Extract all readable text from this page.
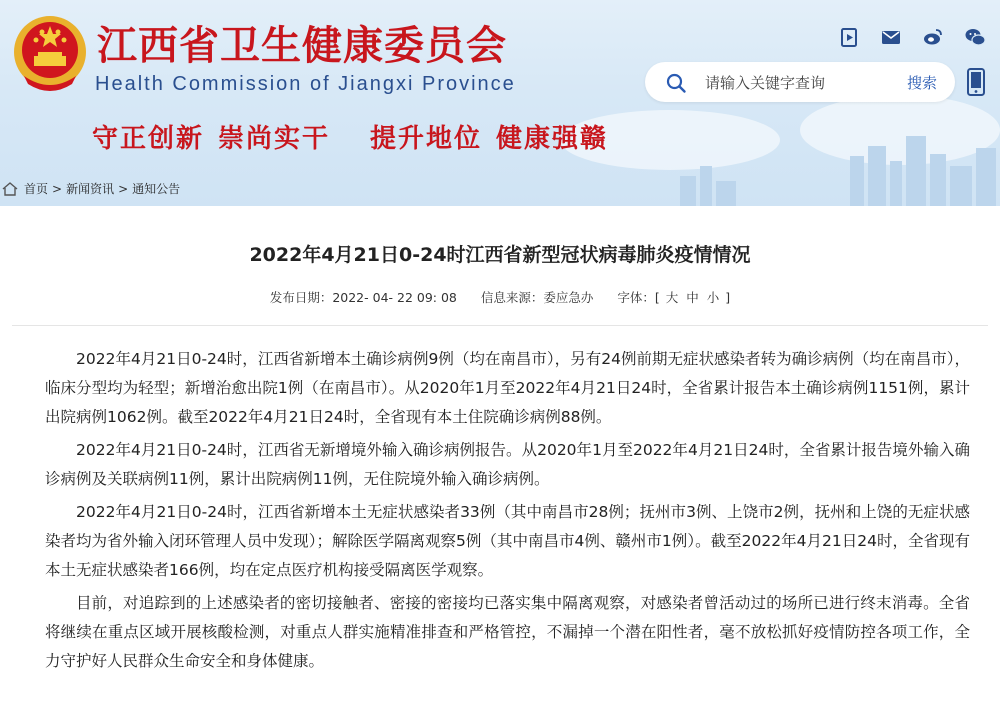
江西省卫生健康委员会
Health Commission of Jiangxi Province
守正创新 崇尚实干 提升地位 健康强赣
请输入关键字查询
搜索
首页 > 新闻资讯 > 通知公告
2022年4月21日0-24时江西省新型冠状病毒肺炎疫情情况
发布日期：2022- 04- 22 09: 08 信息来源：委应急办 字体：[ 大 中 小 ]

2022年4月21日0-24时，江西省新增本土确诊病例9例（均在南昌市），另有24例前期无症状感染者转为确诊病例（均在南昌市），临床分型均为轻型；新增治愈出院1例（在南昌市）。从2020年1月至2022年4月21日24时，全省累计报告本土确诊病例1151例，累计出院病例1062例。截至2022年4月21日24时，全省现有本土住院确诊病例88例。

2022年4月21日0-24时，江西省无新增境外输入确诊病例报告。从2020年1月至2022年4月21日24时，全省累计报告境外输入确诊病例及关联病例11例，累计出院病例11例，无住院境外输入确诊病例。

2022年4月21日0-24时，江西省新增本土无症状感染者33例（其中南昌市28例；抚州市3例、上饶市2例，抚州和上饶的无症状感染者均为省外输入闭环管理人员中发现）；解除医学隔离观察5例（其中南昌市4例、赣州市1例）。截至2022年4月21日24时，全省现有本土无症状感染者166例，均在定点医疗机构接受隔离医学观察。

目前，对追踪到的上述感染者的密切接触者、密接的密接均已落实集中隔离观察，对感染者曾活动过的场所已进行终末消毒。全省将继续在重点区域开展核酸检测，对重点人群实施精准排查和严格管控，不漏掉一个潜在阳性者，毫不放松抓好疫情防控各项工作，全力守护好人民群众生命安全和身体健康。
